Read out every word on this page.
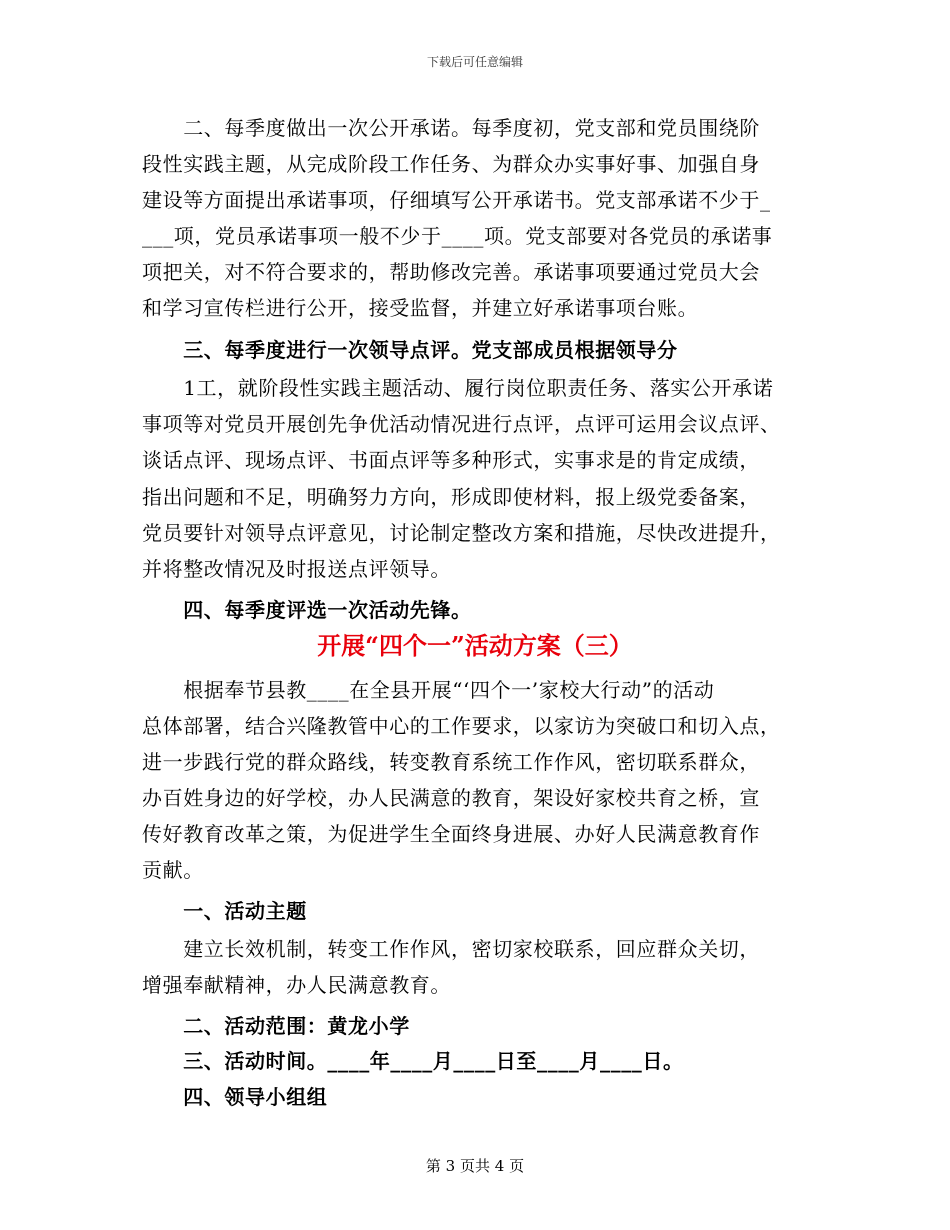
下载后可任意编辑
　　二、每季度做出一次公开承诺。每季度初，党支部和党员围绕阶
段性实践主题，从完成阶段工作任务、为群众办实事好事、加强自身
建设等方面提出承诺事项，仔细填写公开承诺书。党支部承诺不少于_
___项，党员承诺事项一般不少于____项。党支部要对各党员的承诺事
项把关，对不符合要求的，帮助修改完善。承诺事项要通过党员大会
和学习宣传栏进行公开，接受监督，并建立好承诺事项台账。
　　三、每季度进行一次领导点评。党支部成员根据领导分
　　1工，就阶段性实践主题活动、履行岗位职责任务、落实公开承诺
事项等对党员开展创先争优活动情况进行点评，点评可运用会议点评、
谈话点评、现场点评、书面点评等多种形式，实事求是的肯定成绩，
指出问题和不足，明确努力方向，形成即使材料，报上级党委备案，
党员要针对领导点评意见，讨论制定整改方案和措施，尽快改进提升，
并将整改情况及时报送点评领导。
　　四、每季度评选一次活动先锋。
开展“四个一”活动方案（三）
　　根据奉节县教____在全县开展“‘四个一’家校大行动”的活动
总体部署，结合兴隆教管中心的工作要求，以家访为突破口和切入点，
进一步践行党的群众路线，转变教育系统工作作风，密切联系群众，
办百姓身边的好学校，办人民满意的教育，架设好家校共育之桥，宣
传好教育改革之策，为促进学生全面终身进展、办好人民满意教育作
贡献。
　　一、活动主题
　　建立长效机制，转变工作作风，密切家校联系，回应群众关切，
增强奉献精神，办人民满意教育。
　　二、活动范围：黄龙小学
　　三、活动时间。____年____月____日至____月____日。
　　四、领导小组组
第 3 页共 4 页
